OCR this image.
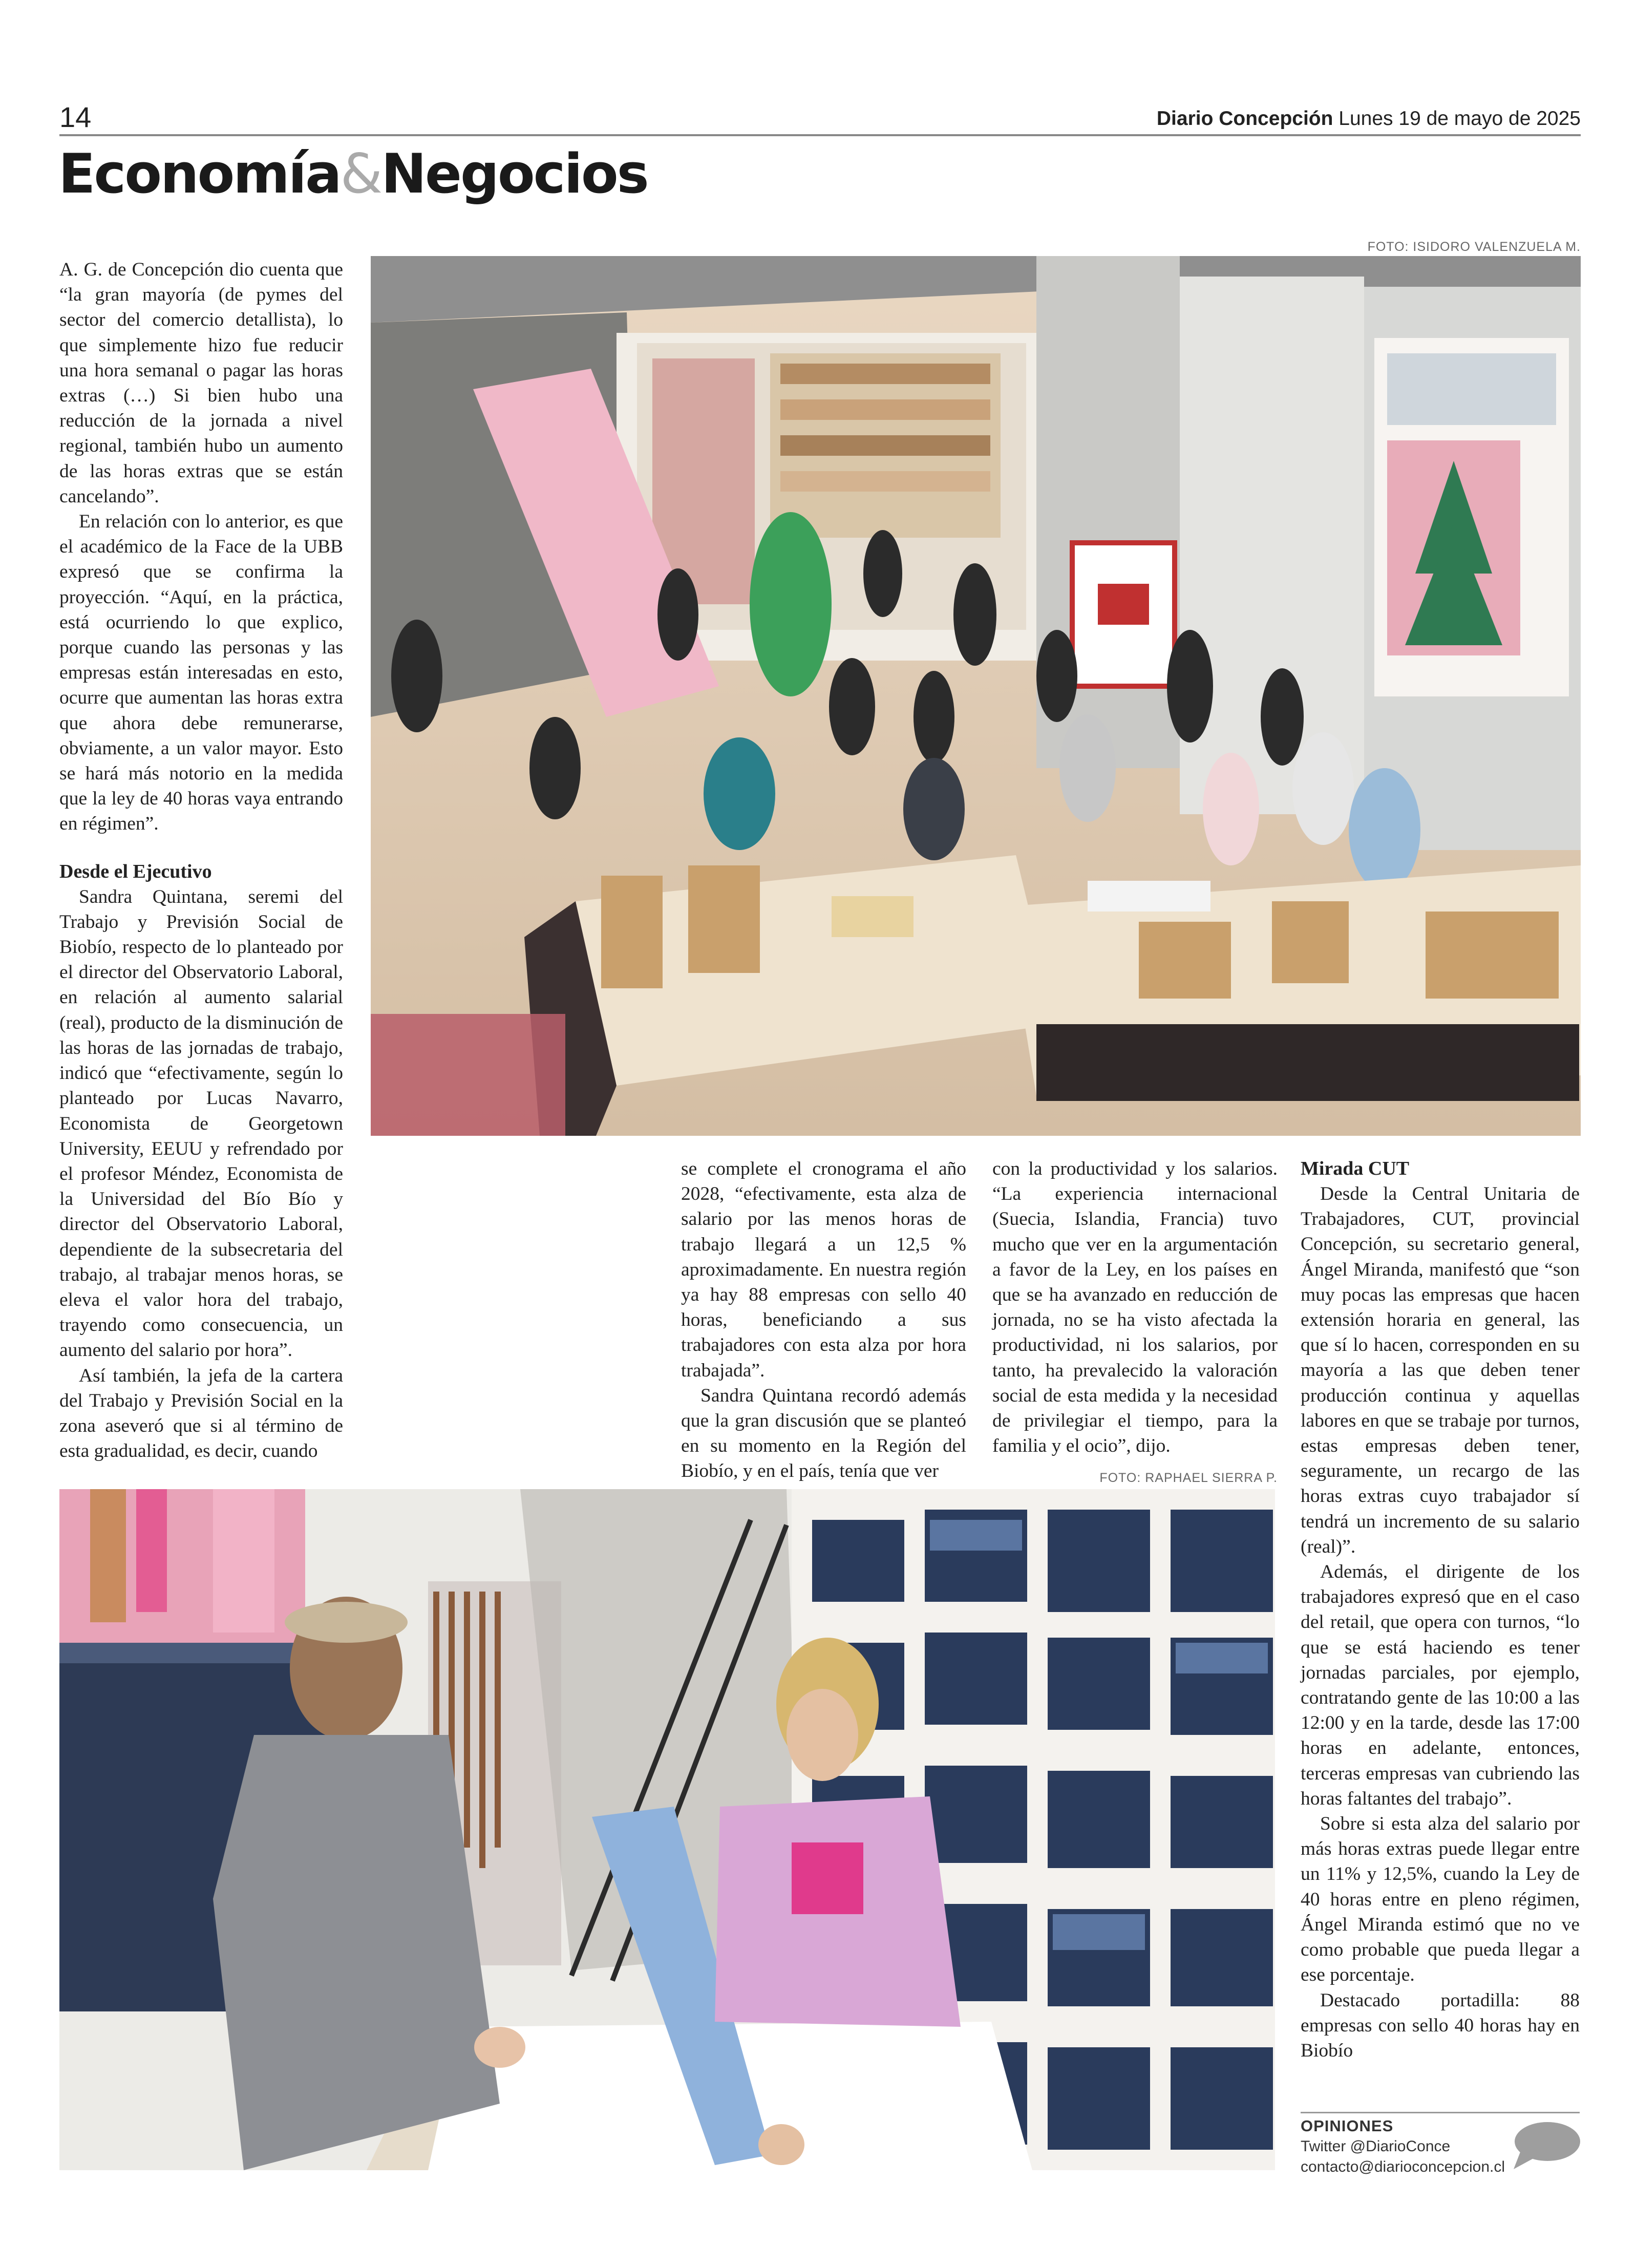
14	Diario Concepción Lunes 19 de mayo de 2025
Economía&Negocios
FOTO: ISIDORO VALENZUELA M.

A. G. de Concepción dio cuenta que “la gran mayoría (de pymes del sector del comercio detallista), lo que simplemente hizo fue reducir una hora semanal o pagar las horas extras (…) Si bien hubo una reducción de la jornada a nivel regional, también hubo un aumento de las horas extras que se están cancelando”.

En relación con lo anterior, es que el académico de la Face de la UBB expresó que se confirma la proyección. “Aquí, en la práctica, está ocurriendo lo que explico, porque cuando las personas y las empresas están interesadas en esto, ocurre que aumentan las horas extra que ahora debe remunerarse, obviamente, a un valor mayor. Esto se hará más notorio en la medida que la ley de 40 horas vaya entrando en régimen”.

Desde el Ejecutivo

Sandra Quintana, seremi del Trabajo y Previsión Social de Biobío, respecto de lo planteado por el director del Observatorio Laboral, en relación al aumento salarial (real), producto de la disminución de las horas de las jornadas de trabajo, indicó que “efectivamente, según lo planteado por Lucas Navarro, Economista de Georgetown University, EEUU y refrendado por el profesor Méndez, Economista de la Universidad del Bío Bío y director del Observatorio Laboral, dependiente de la subsecretaria del trabajo, al trabajar menos horas, se eleva el valor hora del trabajo, trayendo como consecuencia, un aumento del salario por hora”.

Así también, la jefa de la cartera del Trabajo y Previsión Social en la zona aseveró que si al término de esta gradualidad, es decir, cuando

se complete el cronograma el año 2028, “efectivamente, esta alza de salario por las menos horas de trabajo llegará a un 12,5 % aproximadamente. En nuestra región ya hay 88 empresas con sello 40 horas, beneficiando a sus trabajadores con esta alza por hora trabajada”.

Sandra Quintana recordó además que la gran discusión que se planteó en su momento en la Región del Biobío, y en el país, tenía que ver

con la productividad y los salarios. “La experiencia internacional (Suecia, Islandia, Francia) tuvo mucho que ver en la argumentación a favor de la Ley, en los países en que se ha avanzado en reducción de jornada, no se ha visto afectada la productividad, ni los salarios, por tanto, ha prevalecido la valoración social de esta medida y la necesidad de privilegiar el tiempo, para la familia y el ocio”, dijo.

Mirada CUT

Desde la Central Unitaria de Trabajadores, CUT, provincial Concepción, su secretario general, Ángel Miranda, manifestó que “son muy pocas las empresas que hacen extensión horaria en general, las que sí lo hacen, corresponden en su mayoría a las que deben tener producción continua y aquellas labores en que se trabaje por turnos, estas empresas deben tener, seguramente, un recargo de las horas extras cuyo trabajador sí tendrá un incremento de su salario (real)”.

Además, el dirigente de los trabajadores expresó que en el caso del retail, que opera con turnos, “lo que se está haciendo es tener jornadas parciales, por ejemplo, contratando gente de las 10:00 a las 12:00 y en la tarde, desde las 17:00 horas en adelante, entonces, terceras empresas van cubriendo las horas faltantes del trabajo”.

Sobre si esta alza del salario por más horas extras puede llegar entre un 11% y 12,5%, cuando la Ley de 40 horas entre en pleno régimen, Ángel Miranda estimó que no ve como probable que pueda llegar a ese porcentaje.

Destacado portadilla: 88 empresas con sello 40 horas hay en Biobío

FOTO: RAPHAEL SIERRA P.
OPINIONES
Twitter @DiarioConce
contacto@diarioconcepcion.cl
